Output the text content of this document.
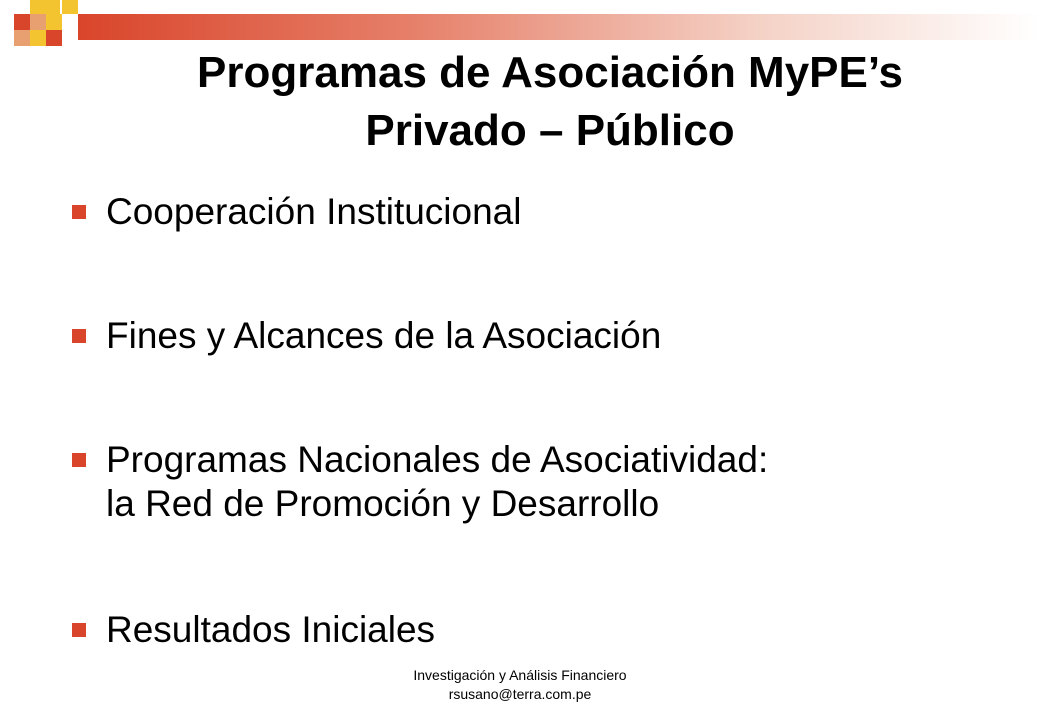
Programas de Asociación MyPE’s
Privado – Público
Cooperación Institucional
Fines y Alcances de la Asociación
Programas Nacionales de Asociatividad:
la Red de Promoción y Desarrollo
Resultados Iniciales
Investigación y Análisis Financiero
rsusano@terra.com.pe
